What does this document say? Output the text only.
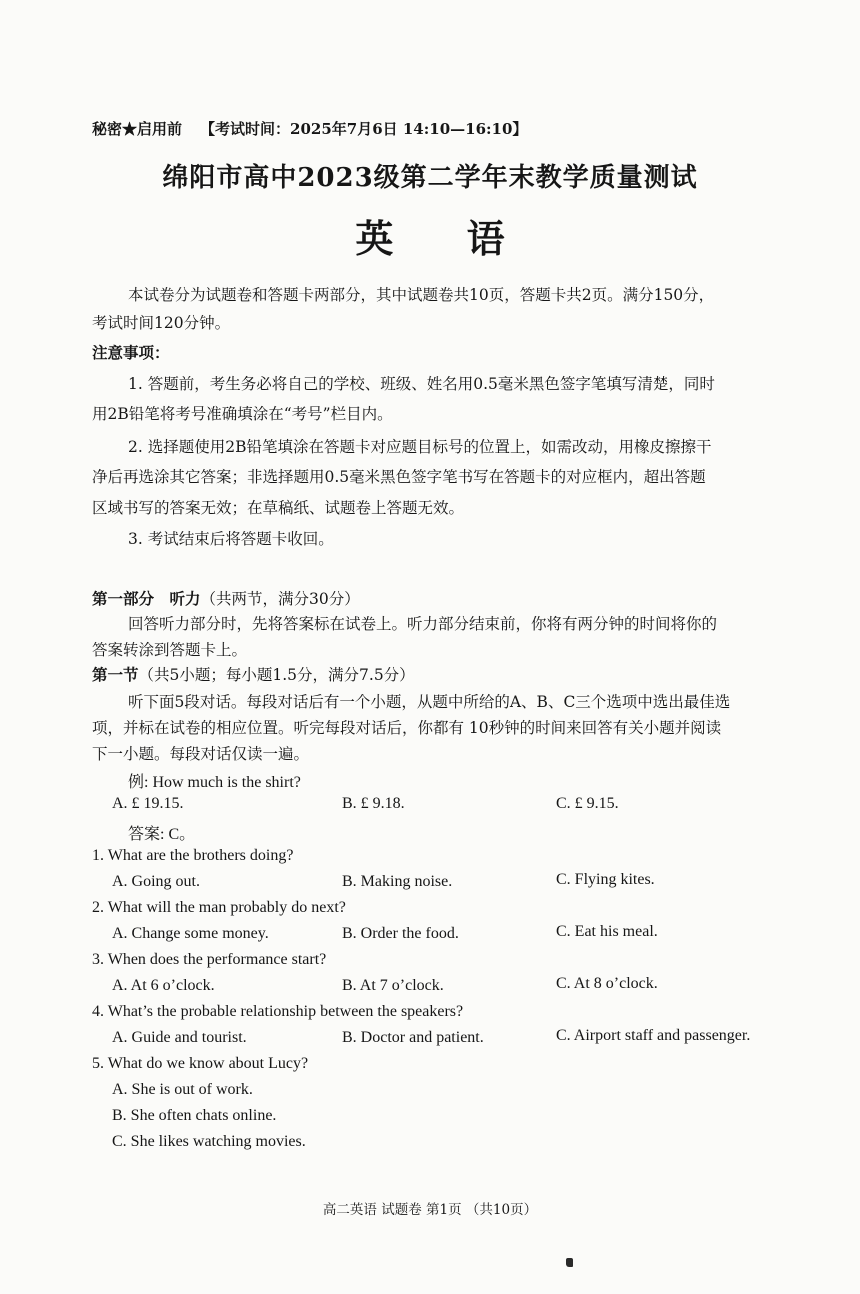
秘密★启用前 【考试时间：2025年7月6日 14:10—16:10】
绵阳市高中2023级第二学年末教学质量测试
英 语
本试卷分为试题卷和答题卡两部分，其中试题卷共10页，答题卡共2页。满分150分，
考试时间120分钟。
注意事项：
1. 答题前，考生务必将自己的学校、班级、姓名用0.5毫米黑色签字笔填写清楚，同时
用2B铅笔将考号准确填涂在“考号”栏目内。
2. 选择题使用2B铅笔填涂在答题卡对应题目标号的位置上，如需改动，用橡皮擦擦干
净后再选涂其它答案；非选择题用0.5毫米黑色签字笔书写在答题卡的对应框内，超出答题
区域书写的答案无效；在草稿纸、试题卷上答题无效。
3. 考试结束后将答题卡收回。
第一部分　听力（共两节，满分30分）
回答听力部分时，先将答案标在试卷上。听力部分结束前，你将有两分钟的时间将你的
答案转涂到答题卡上。
第一节（共5小题；每小题1.5分，满分7.5分）
听下面5段对话。每段对话后有一个小题，从题中所给的A、B、C三个选项中选出最佳选
项，并标在试卷的相应位置。听完每段对话后，你都有 10秒钟的时间来回答有关小题并阅读
下一小题。每段对话仅读一遍。
例: How much is the shirt?
A. £ 19.15.	B. £ 9.18.	C. £ 9.15.
答案: C。
1. What are the brothers doing?
A. Going out.	B. Making noise.	C. Flying kites.
2. What will the man probably do next?
A. Change some money.	B. Order the food.	C. Eat his meal.
3. When does the performance start?
A. At 6 o’clock.	B. At 7 o’clock.	C. At 8 o’clock.
4. What’s the probable relationship between the speakers?
A. Guide and tourist.	B. Doctor and patient.	C. Airport staff and passenger.
5. What do we know about Lucy?
A. She is out of work.
B. She often chats online.
C. She likes watching movies.
高二英语 试题卷 第1页 （共10页）
